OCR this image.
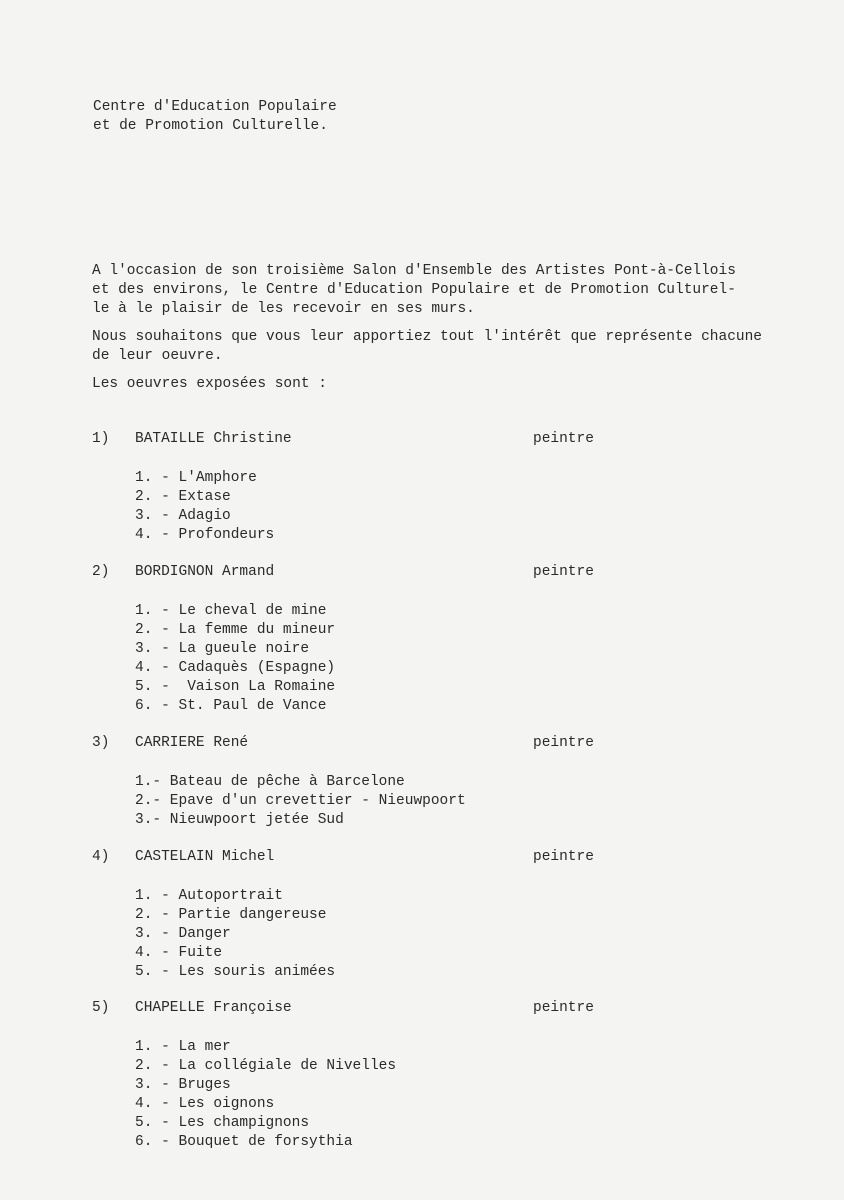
Centre d'Education Populaire
et de Promotion Culturelle.

A l'occasion de son troisième Salon d'Ensemble des Artistes Pont-à-Cellois
et des environs, le Centre d'Education Populaire et de Promotion Culturel-
le à le plaisir de les recevoir en ses murs.

Nous souhaitons que vous leur apportiez tout l'intérêt que représente chacune
de leur oeuvre.

Les oeuvres exposées sont :

1) BATAILLE Christine	peintre
1. - L'Amphore
2. - Extase
3. - Adagio
4. - Profondeurs
2) BORDIGNON Armand	peintre
1. - Le cheval de mine
2. - La femme du mineur
3. - La gueule noire
4. - Cadaquès (Espagne)
5. -  Vaison La Romaine
6. - St. Paul de Vance
3) CARRIERE René	peintre
1.- Bateau de pêche à Barcelone
2.- Epave d'un crevettier - Nieuwpoort
3.- Nieuwpoort jetée Sud
4) CASTELAIN Michel	peintre
1. - Autoportrait
2. - Partie dangereuse
3. - Danger
4. - Fuite
5. - Les souris animées
5) CHAPELLE Françoise	peintre
1. - La mer
2. - La collégiale de Nivelles
3. - Bruges
4. - Les oignons
5. - Les champignons
6. - Bouquet de forsythia
